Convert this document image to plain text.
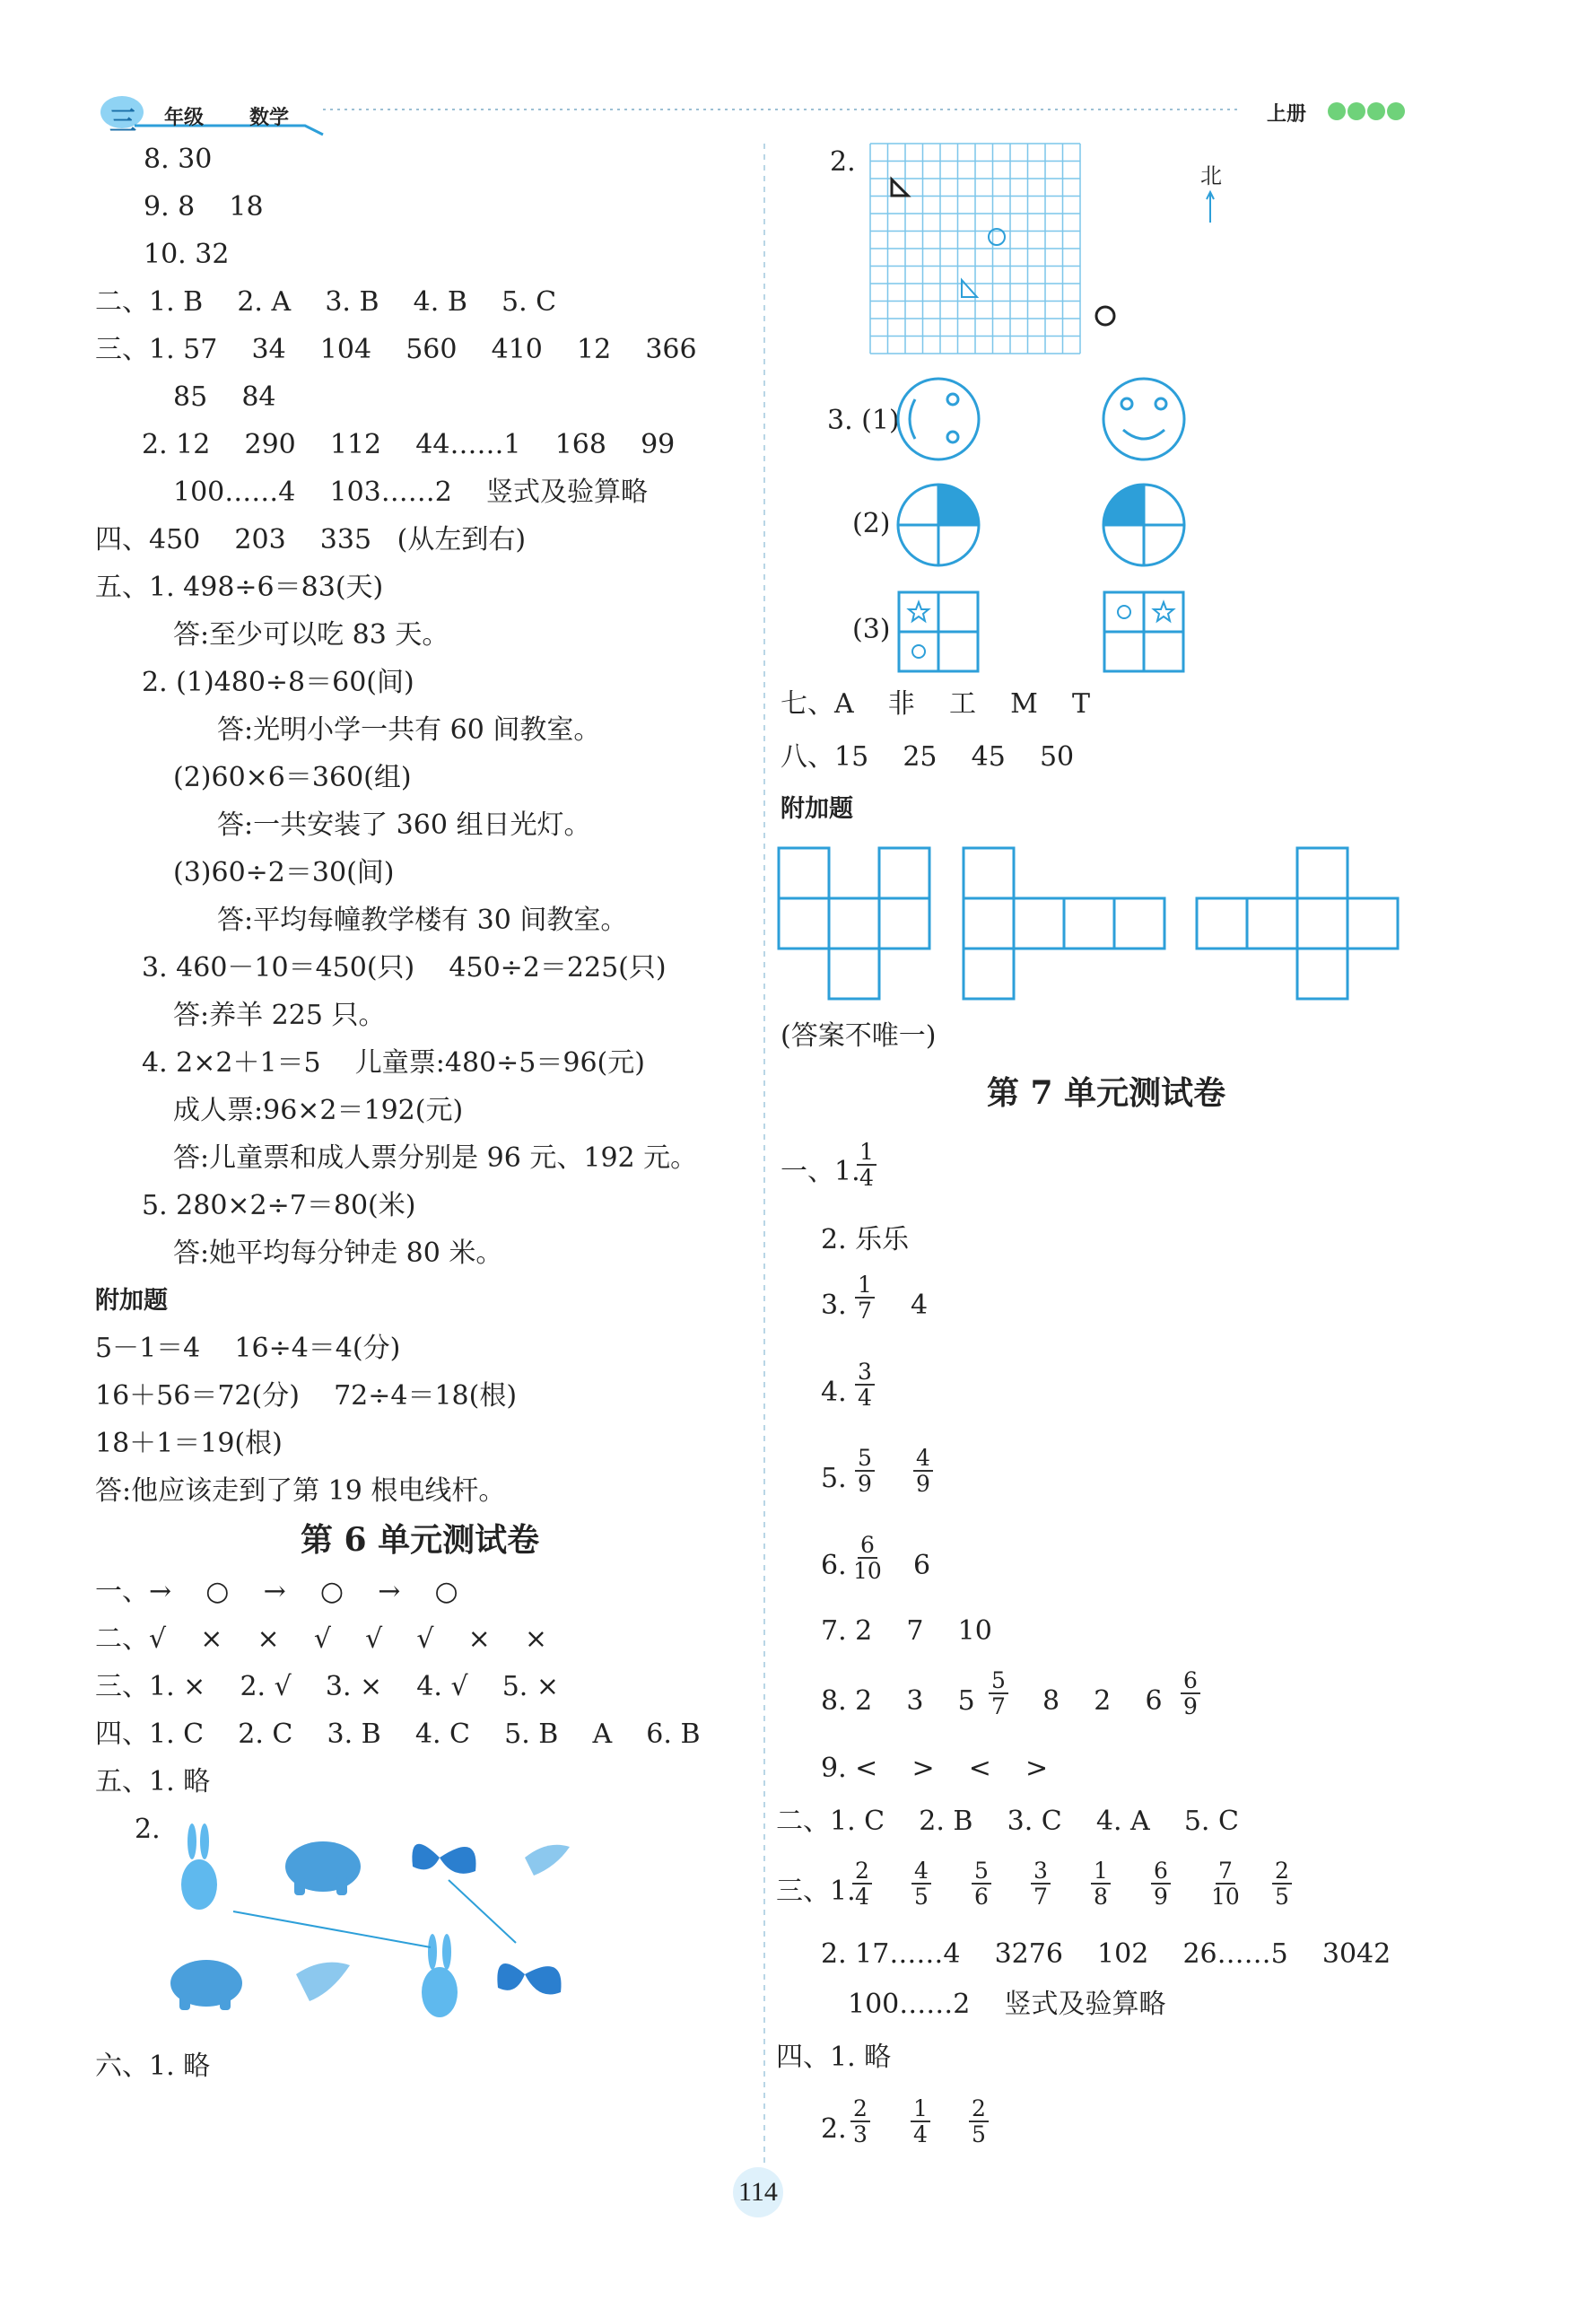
三 年级 数学	上册
8. 30
9. 8    18
10. 32
二、1. B    2. A    3. B    4. B    5. C
三、1. 57    34    104    560    410    12    366
85    84
2. 12    290    112    44……1    168    99
100……4    103……2    竖式及验算略
四、450    203    335   (从左到右)
五、1. 498÷6＝83(天)
答:至少可以吃 83 天。
2. (1)480÷8＝60(间)
答:光明小学一共有 60 间教室。
(2)60×6＝360(组)
答:一共安装了 360 组日光灯。
(3)60÷2＝30(间)
答:平均每幢教学楼有 30 间教室。
3. 460－10＝450(只)    450÷2＝225(只)
答:养羊 225 只。
4. 2×2＋1＝5    儿童票:480÷5＝96(元)
成人票:96×2＝192(元)
答:儿童票和成人票分别是 96 元、192 元。
5. 280×2÷7＝80(米)
答:她平均每分钟走 80 米。
附加题
5－1＝4    16÷4＝4(分)
16＋56＝72(分)    72÷4＝18(根)
18＋1＝19(根)
答:他应该走到了第 19 根电线杆。
第 6 单元测试卷
一、→    ○    →    ○    →    ○
二、√    ×    ×    √    √    √    ×    ×
三、1. ×    2. √    3. ×    4. √    5. ×
四、1. C    2. C    3. B    4. C    5. B    A    6. B
五、1. 略
2.
六、1. 略
2.	北
3. (1)
(2)
(3)
七、A    非    工    M    T
八、15    25    45    50
附加题
(答案不唯一)
第 7 单元测试卷
一、1.
$\frac{1}{4}$
2. 乐乐
3. $\frac{1}{7} 4$
4. $\frac{3}{4}$
5. $\frac{5}{9} \frac{4}{9}$
6. $\frac{6}{10} 6$
7. 2    7    10
8. 2    3    $5 \frac{5}{7} 8$    2    $6 \frac{6}{9}$
9. <    >    <    >
二、1. C    2. B    3. C    4. A    5. C
三、1.
$\frac{2}{4} \frac{4}{5} \frac{5}{6} \frac{3}{7} \frac{1}{8} \frac{6}{9} \frac{7}{10} \frac{2}{5}$
2. 17……4    3276    102    26……5    3042
100……2    竖式及验算略
四、1. 略
2. $\frac{2}{3} \frac{1}{4} \frac{2}{5}$
114
